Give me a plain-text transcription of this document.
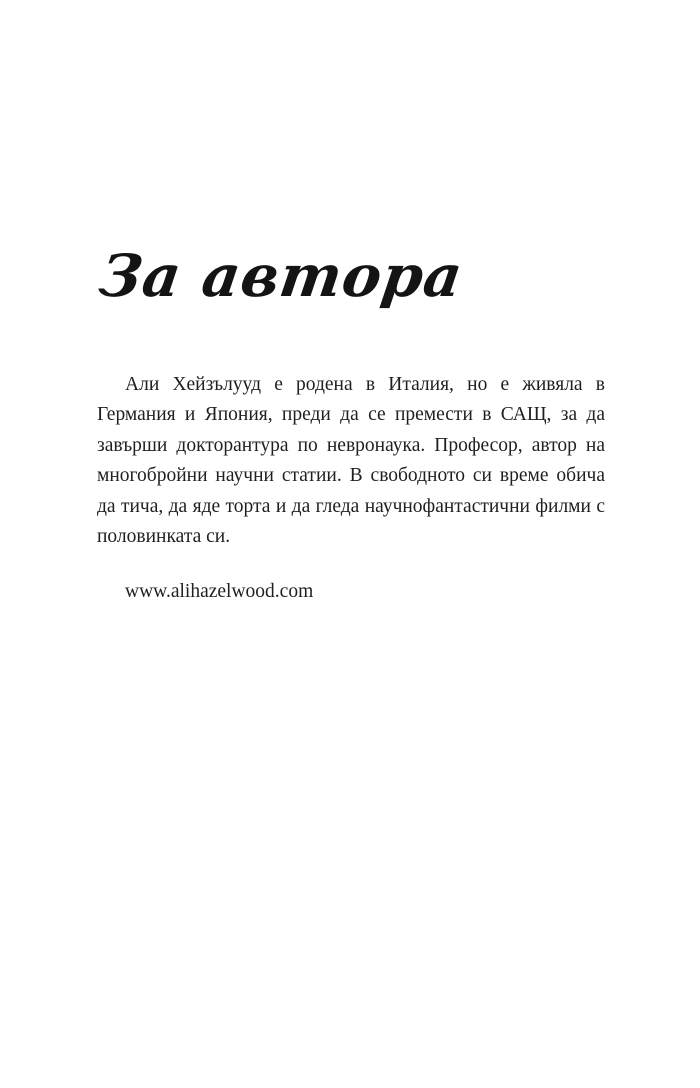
За автора

Али Хейзълууд е родена в Италия, но е живяла в Германия и Япония, преди да се премести в САЩ, за да завърши докторантура по невронаука. Професор, автор на многобройни научни статии. В свободното си време обича да тича, да яде торта и да гледа научнофантастични филми с половинката си.

www.alihazelwood.com
